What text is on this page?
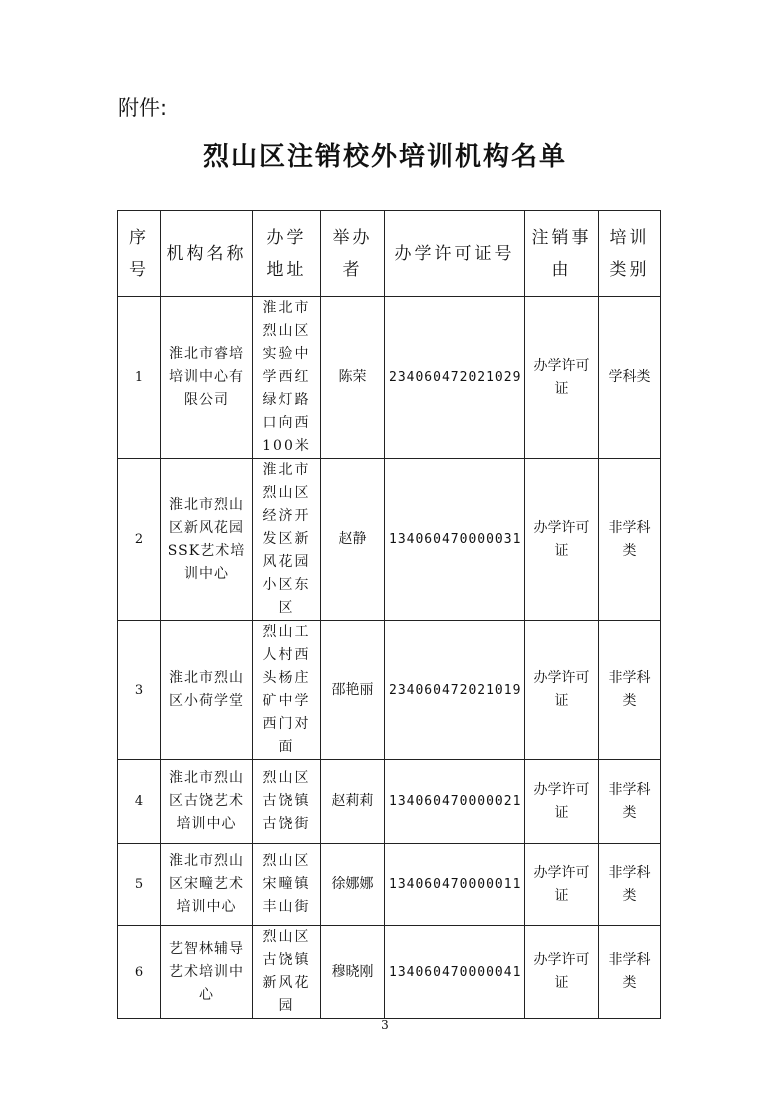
附件:
烈山区注销校外培训机构名单
序号	机构名称	办学地址	举办者	办学许可证号	注销事由	培训类别
1	淮北市睿培培训中心有限公司	淮北市烈山区实验中学西红绿灯路口向西100米	陈荣	234060472021029	办学许可证	学科类
2	淮北市烈山区新风花园SSK艺术培训中心	淮北市烈山区经济开发区新风花园小区东区	赵静	134060470000031	办学许可证	非学科类
3	淮北市烈山区小荷学堂	烈山工人村西头杨庄矿中学西门对面	邵艳丽	234060472021019	办学许可证	非学科类
4	淮北市烈山区古饶艺术培训中心	烈山区古饶镇古饶街	赵莉莉	134060470000021	办学许可证	非学科类
5	淮北市烈山区宋疃艺术培训中心	烈山区宋疃镇丰山街	徐娜娜	134060470000011	办学许可证	非学科类
6	艺智林辅导艺术培训中心	烈山区古饶镇新风花园	穆晓刚	134060470000041	办学许可证	非学科类
3
